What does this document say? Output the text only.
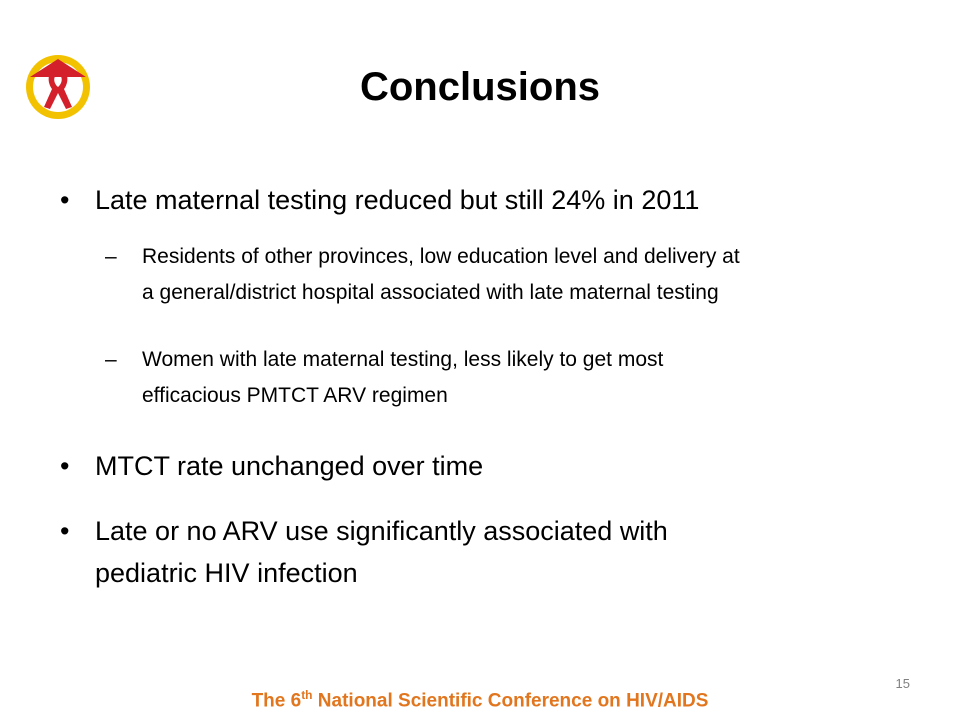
Conclusions
• Late maternal testing reduced but still 24% in 2011
–	Residents of other provinces, low education level and delivery at
a general/district hospital associated with late maternal testing
–	Women with late maternal testing, less likely to get most
efficacious PMTCT ARV regimen
• MTCT rate unchanged over time
• Late or no ARV use significantly associated with
pediatric HIV infection
15
The 6th National Scientific Conference on HIV/AIDS
